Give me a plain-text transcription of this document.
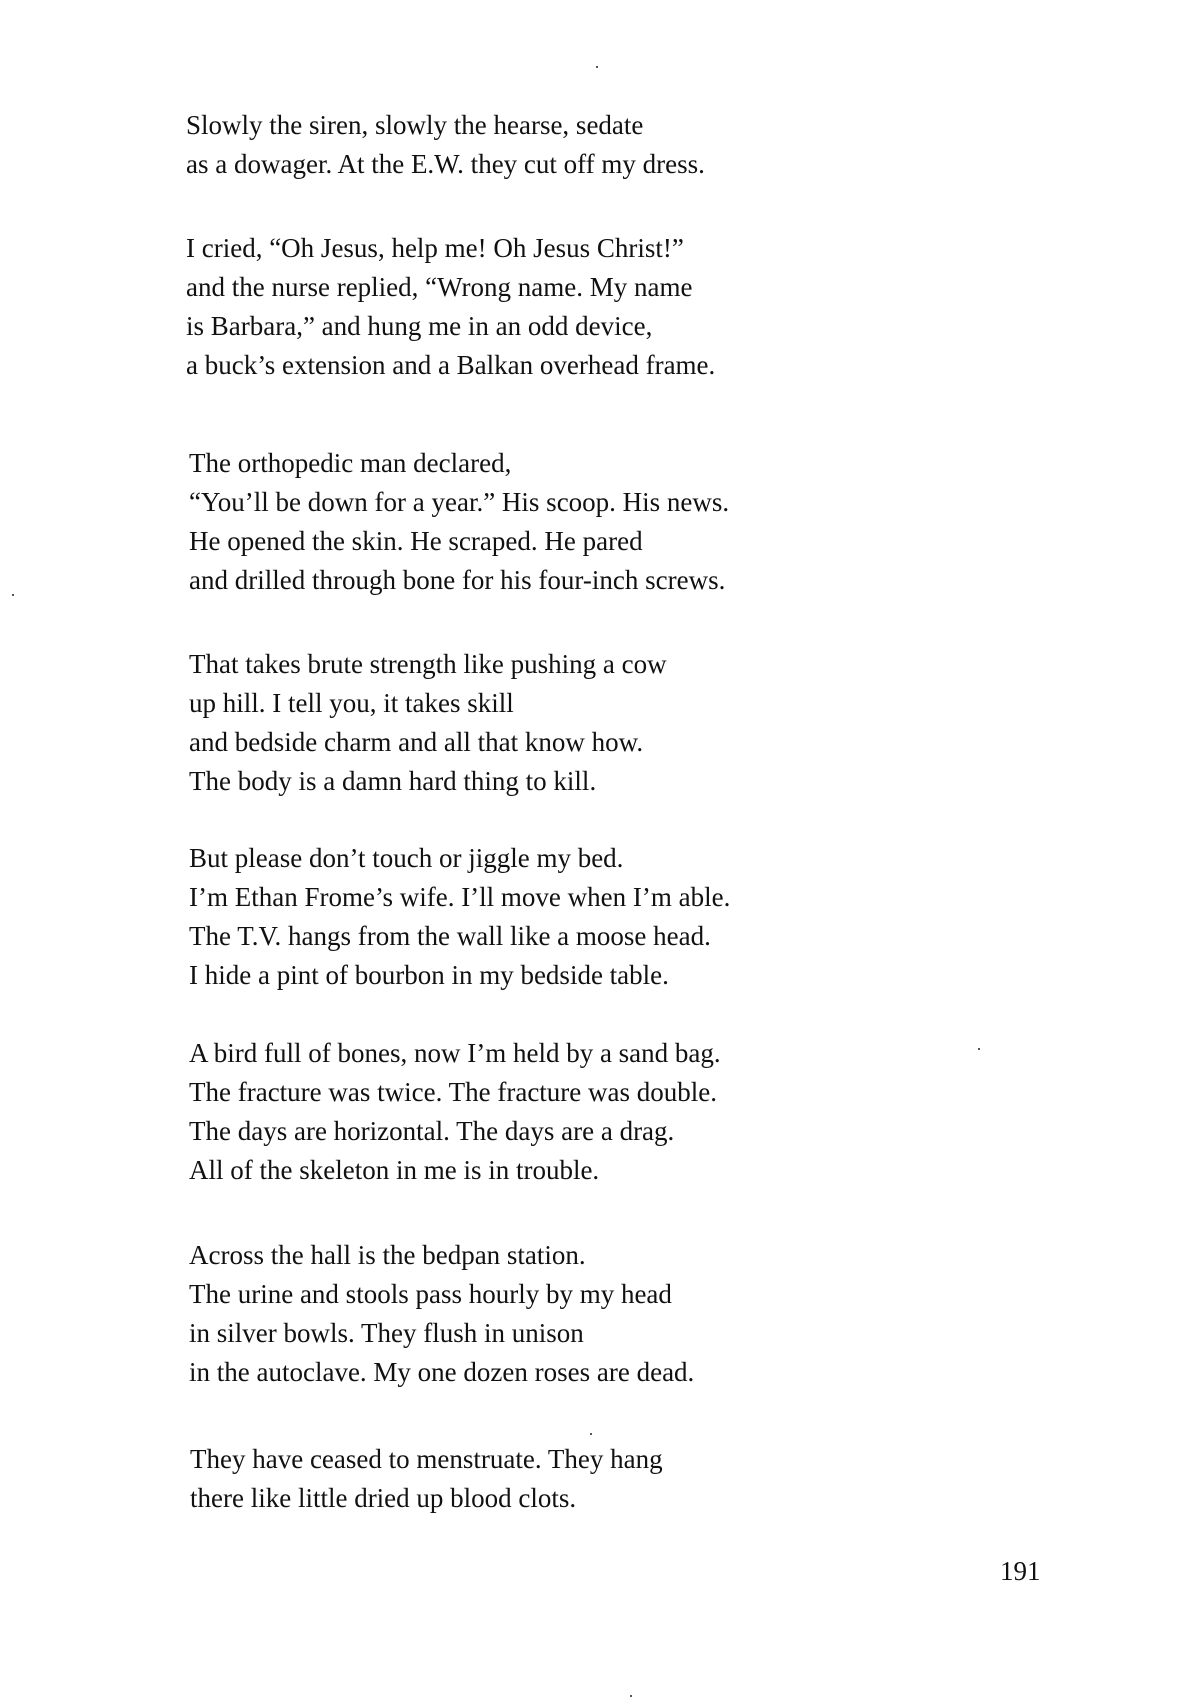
Slowly the siren, slowly the hearse, sedate
as a dowager. At the E.W. they cut off my dress.
I cried, “Oh Jesus, help me! Oh Jesus Christ!”
and the nurse replied, “Wrong name. My name
is Barbara,” and hung me in an odd device,
a buck’s extension and a Balkan overhead frame.
The orthopedic man declared,
“You’ll be down for a year.” His scoop. His news.
He opened the skin. He scraped. He pared
and drilled through bone for his four-inch screws.
That takes brute strength like pushing a cow
up hill. I tell you, it takes skill
and bedside charm and all that know how.
The body is a damn hard thing to kill.
But please don’t touch or jiggle my bed.
I’m Ethan Frome’s wife. I’ll move when I’m able.
The T.V. hangs from the wall like a moose head.
I hide a pint of bourbon in my bedside table.
A bird full of bones, now I’m held by a sand bag.
The fracture was twice. The fracture was double.
The days are horizontal. The days are a drag.
All of the skeleton in me is in trouble.
Across the hall is the bedpan station.
The urine and stools pass hourly by my head
in silver bowls. They flush in unison
in the autoclave. My one dozen roses are dead.
They have ceased to menstruate. They hang
there like little dried up blood clots.
191
